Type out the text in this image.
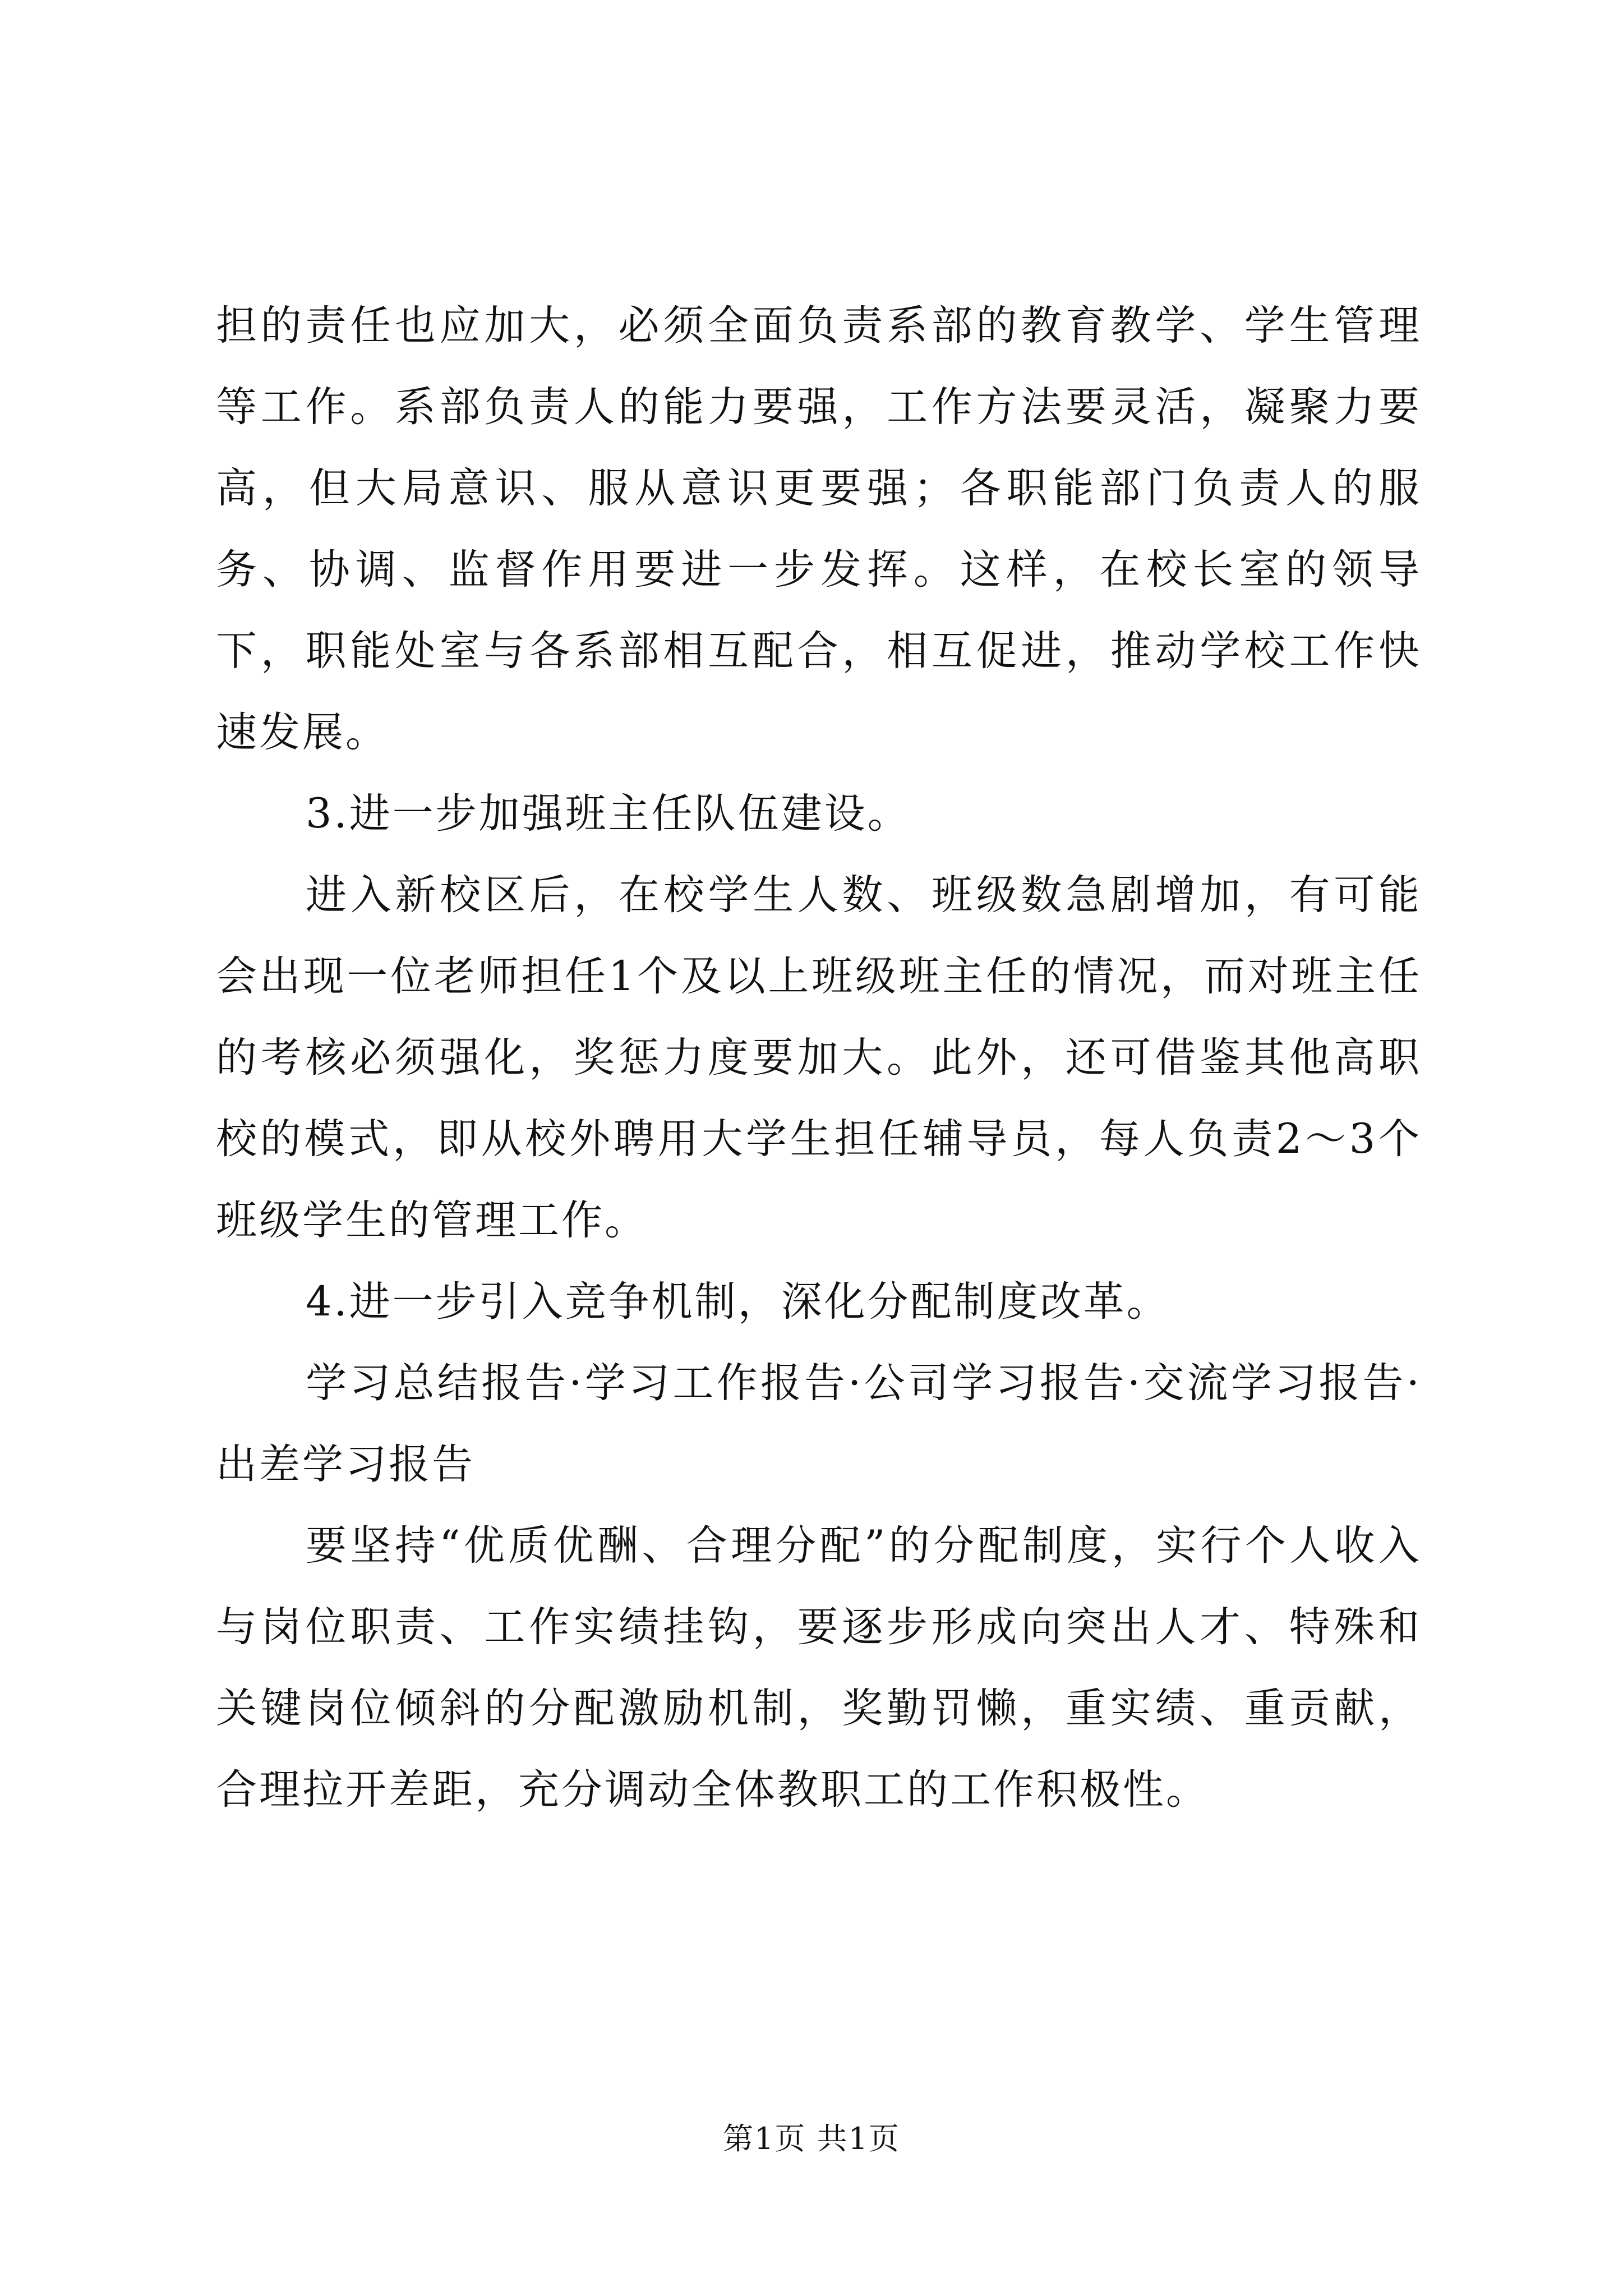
担的责任也应加大，必须全面负责系部的教育教学、学生管理等工作。系部负责人的能力要强，工作方法要灵活，凝聚力要高，但大局意识、服从意识更要强；各职能部门负责人的服务、协调、监督作用要进一步发挥。这样，在校长室的领导下，职能处室与各系部相互配合，相互促进，推动学校工作快速发展。

3.进一步加强班主任队伍建设。

进入新校区后，在校学生人数、班级数急剧增加，有可能会出现一位老师担任1个及以上班级班主任的情况，而对班主任的考核必须强化，奖惩力度要加大。此外，还可借鉴其他高职校的模式，即从校外聘用大学生担任辅导员，每人负责2～3个班级学生的管理工作。

4.进一步引入竞争机制，深化分配制度改革。

学习总结报告·学习工作报告·公司学习报告·交流学习报告·出差学习报告

要坚持“优质优酬、合理分配”的分配制度，实行个人收入与岗位职责、工作实绩挂钩，要逐步形成向突出人才、特殊和关键岗位倾斜的分配激励机制，奖勤罚懒，重实绩、重贡献，合理拉开差距，充分调动全体教职工的工作积极性。

第1页 共1页
